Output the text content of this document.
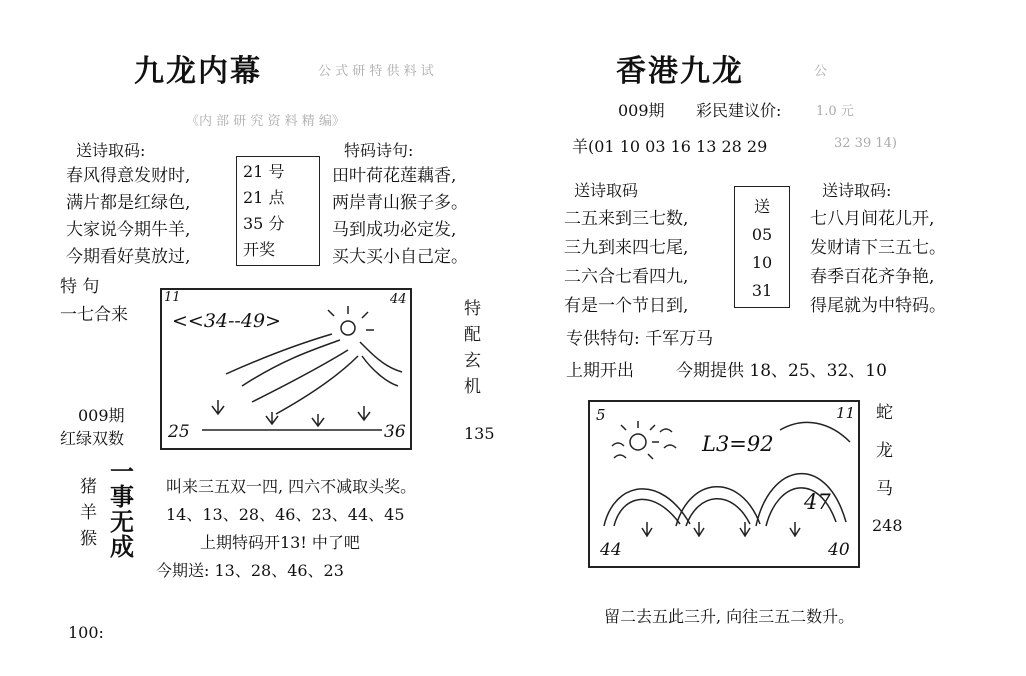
九龙内幕	公 式 研 特 供 料 试
《内 部 研 究 资 料 精 编》
送诗取码:	特码诗句:
春风得意发财时,
满片都是红绿色,
大家说今期牛羊,
今期看好莫放过,
21 号
21 点
35 分
开奖
田叶荷花莲藕香,
两岸青山猴子多。
马到成功必定发,
买大买小自己定。
特 句
一七合来
11	44
<<34--49>
25	36
特
配
玄
机
135
009期
红绿双数
猪
羊
猴
一
事
无
成
叫来三五双一四, 四六不减取头奖。
14、13、28、46、23、44、45
上期特码开13! 中了吧
今期送: 13、28、46、23
100:
香港九龙	公
009期 彩民建议价:	1.0 元
羊(01 10 03 16 13 28 29	32 39 14)
送诗取码	送诗取码:
二五来到三七数,
三九到来四七尾,
二六合七看四九,
有是一个节日到,
送
05
10
31
七八月间花儿开,
发财请下三五七。
春季百花齐争艳,
得尾就为中特码。
专供特句: 千军万马
上期开出 今期提供 18、25、32、10
5	11
L3=92
47
44	40
蛇
龙
马
248
留二去五此三升, 向往三五二数升。
